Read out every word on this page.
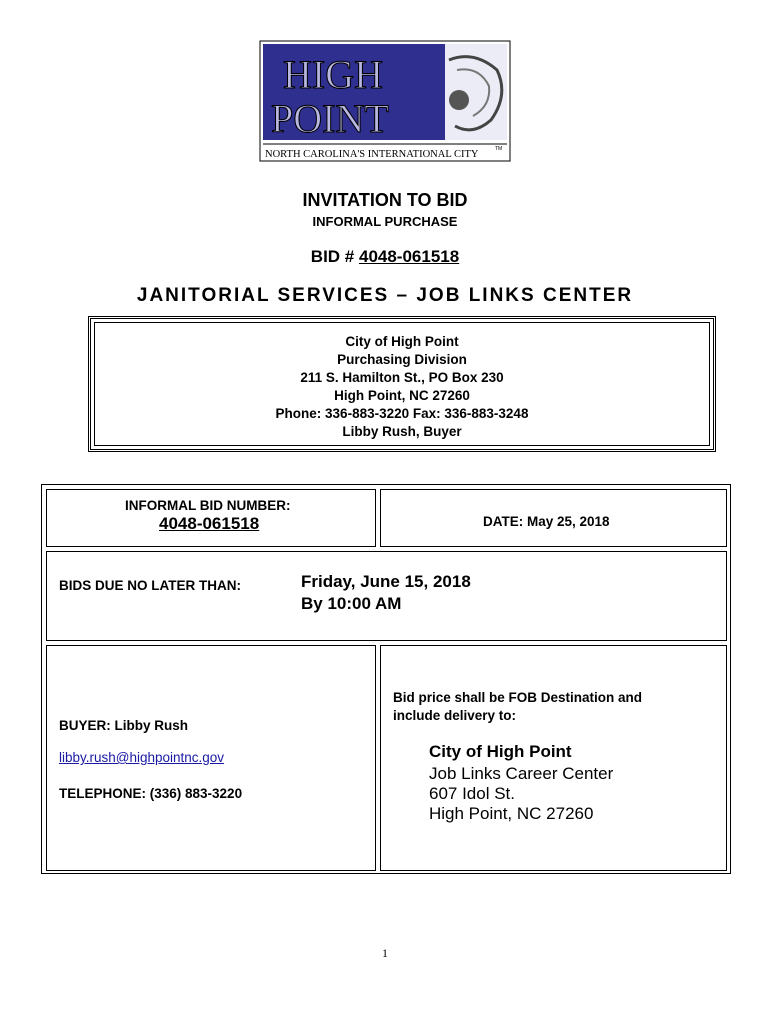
HIGH
POINT
NORTH CAROLINA'S INTERNATIONAL CITY	TM
INVITATION TO BID
INFORMAL PURCHASE
BID # 4048-061518
JANITORIAL SERVICES – JOB LINKS CENTER
City of High Point
Purchasing Division
211 S. Hamilton St., PO Box 230
High Point, NC 27260
Phone: 336-883-3220 Fax: 336-883-3248
Libby Rush, Buyer
INFORMAL BID NUMBER:
4048-061518	DATE: May 25, 2018
BIDS DUE NO LATER THAN:	Friday, June 15, 2018
By 10:00 AM
BUYER: Libby Rush
libby.rush@highpointnc.gov
TELEPHONE: (336) 883-3220
Bid price shall be FOB Destination and
include delivery to:
City of High Point
Job Links Career Center
607 Idol St.
High Point, NC 27260
1
